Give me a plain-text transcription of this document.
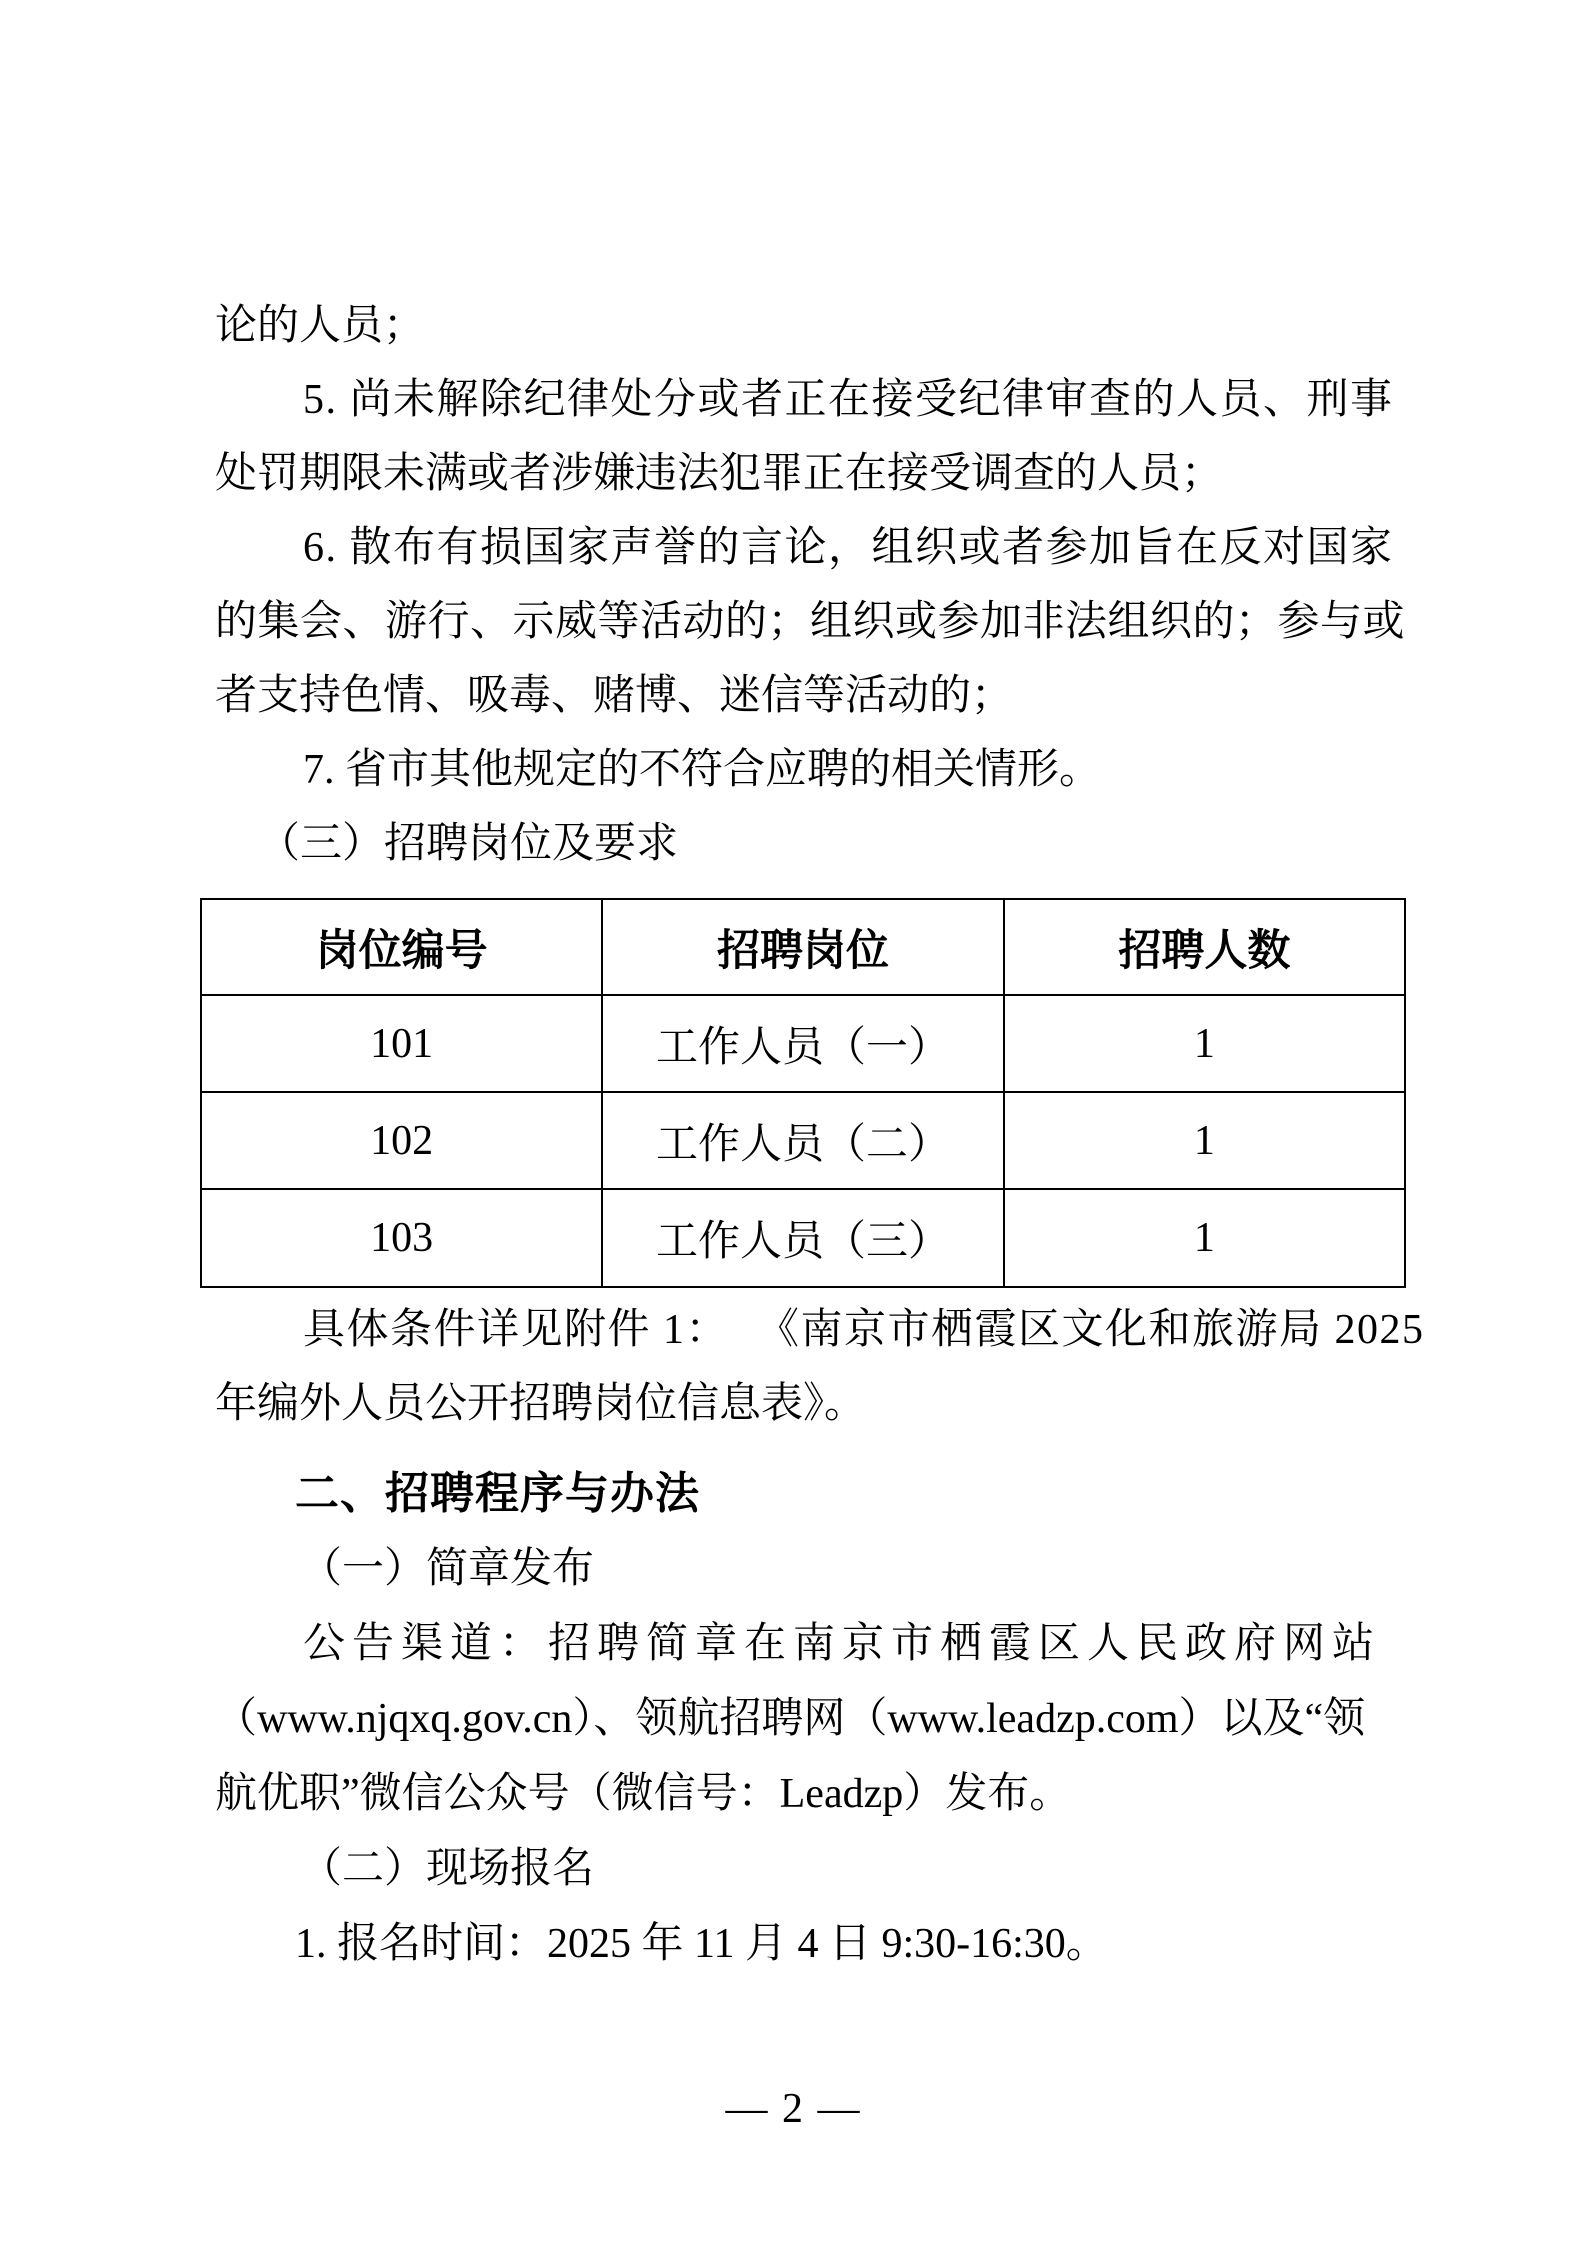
论的人员；
5. 尚未解除纪律处分或者正在接受纪律审查的人员、刑事
处罚期限未满或者涉嫌违法犯罪正在接受调查的人员；
6. 散布有损国家声誉的言论，组织或者参加旨在反对国家
的集会、游行、示威等活动的；组织或参加非法组织的；参与或
者支持色情、吸毒、赌博、迷信等活动的；
7. 省市其他规定的不符合应聘的相关情形。
（三）招聘岗位及要求
岗位编号	招聘岗位	招聘人数
101	工作人员（一）	1
102	工作人员（二）	1
103	工作人员（三）	1
具体条件详见附件 1： 《南京市栖霞区文化和旅游局 2025
年编外人员公开招聘岗位信息表》。
二、招聘程序与办法
（一）简章发布
公告渠道：招聘简章在南京市栖霞区人民政府网站
（www.njqxq.gov.cn）、领航招聘网（www.leadzp.com）以及“领
航优职”微信公众号（微信号：Leadzp）发布。
（二）现场报名
1. 报名时间：2025 年 11 月 4 日 9:30-16:30。
— 2 —
